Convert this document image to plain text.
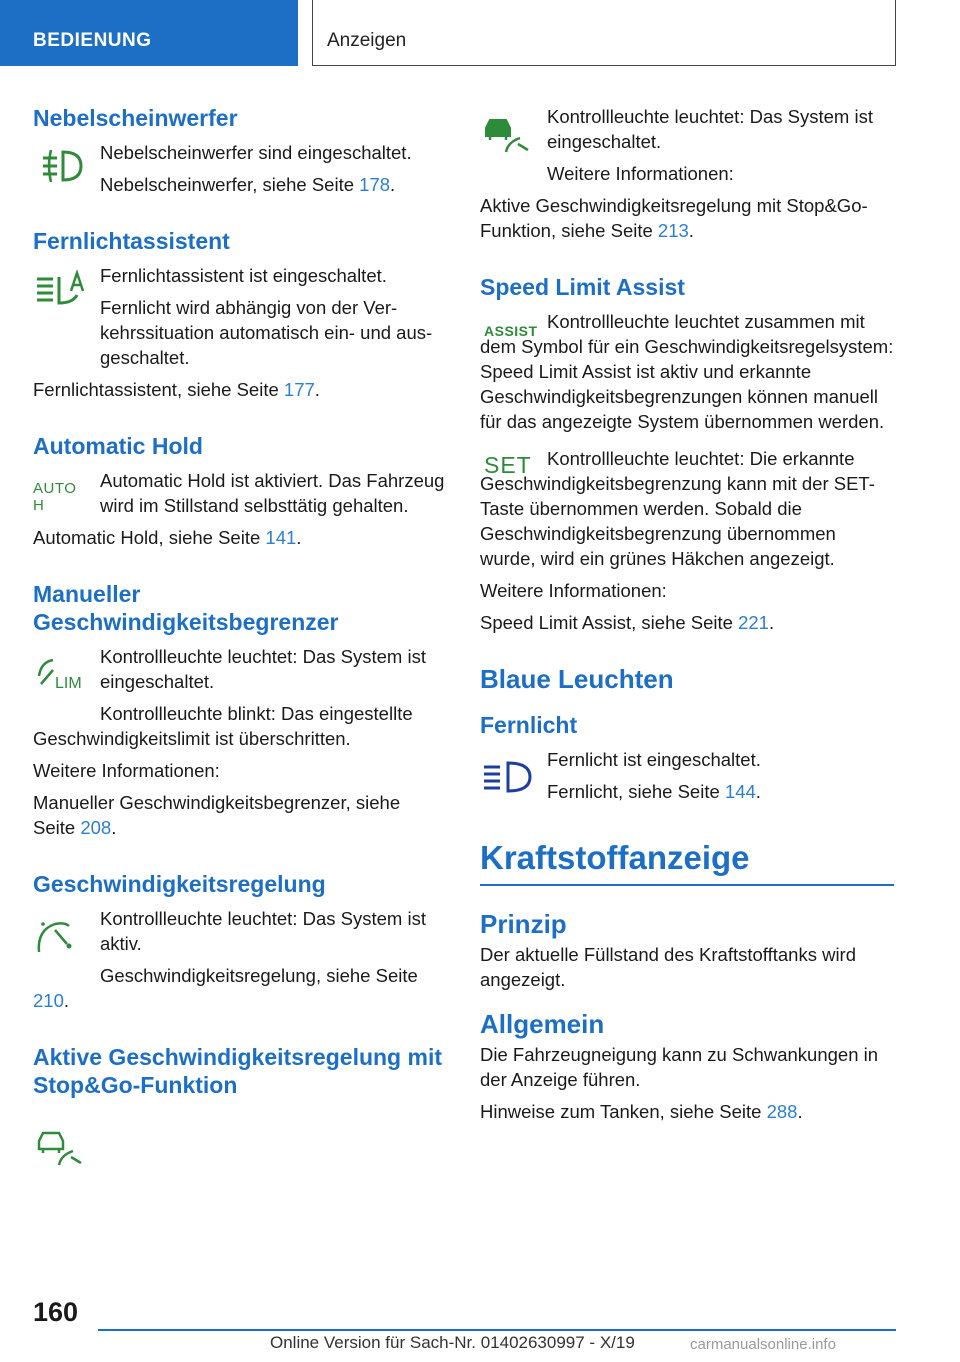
BEDIENUNG	Anzeigen
Nebelscheinwerfer

Nebelscheinwerfer sind eingeschaltet.

Nebelscheinwerfer, siehe Seite 178.

Fernlichtassistent

Fernlichtassistent ist eingeschaltet.

Fernlicht wird abhängig von der Verkehrssituation automatisch ein- und ausgeschaltet.

Fernlichtassistent, siehe Seite 177.

Automatic Hold
AUTO H

Automatic Hold ist aktiviert. Das Fahrzeug wird im Stillstand selbsttätig gehalten.

Automatic Hold, siehe Seite 141.

Manueller Geschwindigkeitsbegrenzer
LIM

Kontrollleuchte leuchtet: Das System ist eingeschaltet.

Kontrollleuchte blinkt: Das eingestellte Geschwindigkeitslimit ist überschritten.

Weitere Informationen:

Manueller Geschwindigkeitsbegrenzer, siehe Seite 208.

Geschwindigkeitsregelung

Kontrollleuchte leuchtet: Das System ist aktiv.

Geschwindigkeitsregelung, siehe Seite 210.

Aktive Geschwindigkeitsregelung mit Stop&Go-Funktion

Kontrollleuchte leuchtet: Das System ist eingeschaltet.

Weitere Informationen:

Aktive Geschwindigkeitsregelung mit Stop&Go-Funktion, siehe Seite 213.

Speed Limit Assist
ASSIST Kontrollleuchte leuchtet zusammen mit dem Symbol für ein Geschwindigkeitsregelsystem: Speed Limit Assist ist aktiv und erkannte Geschwindigkeitsbegrenzungen können manuell für das angezeigte System übernommen werden.

SET Kontrollleuchte leuchtet: Die erkannte Geschwindigkeitsbegrenzung kann mit der SET-Taste übernommen werden. Sobald die Geschwindigkeitsbegrenzung übernommen wurde, wird ein grünes Häkchen angezeigt.

Weitere Informationen:

Speed Limit Assist, siehe Seite 221.

Blaue Leuchten
Fernlicht

Fernlicht ist eingeschaltet.

Fernlicht, siehe Seite 144.

Kraftstoffanzeige
Prinzip

Der aktuelle Füllstand des Kraftstofftanks wird angezeigt.

Allgemein

Die Fahrzeugneigung kann zu Schwankungen in der Anzeige führen.

Hinweise zum Tanken, siehe Seite 288.

160
Online Version für Sach-Nr. 01402630997 - X/19	carmanualsonline.info
